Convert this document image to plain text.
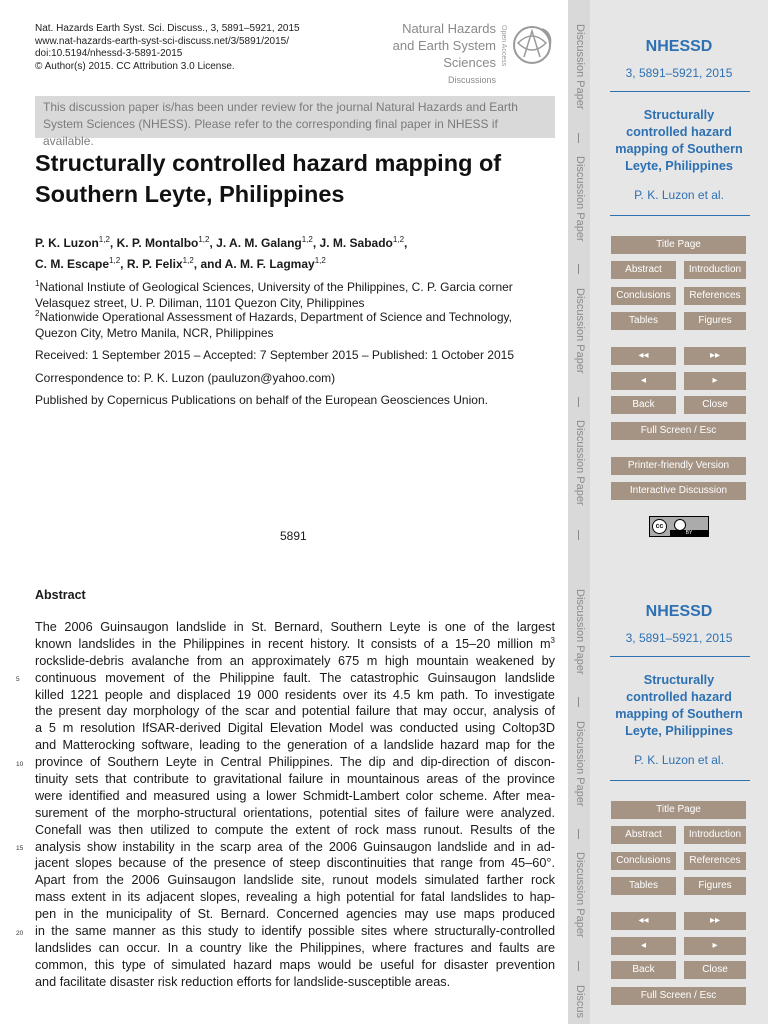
Nat. Hazards Earth Syst. Sci. Discuss., 3, 5891–5921, 2015
www.nat-hazards-earth-syst-sci-discuss.net/3/5891/2015/
doi:10.5194/nhessd-3-5891-2015
© Author(s) 2015. CC Attribution 3.0 License.
Natural Hazards
and Earth System
Sciences
Discussions
Open Access
This discussion paper is/has been under review for the journal Natural Hazards and Earth System Sciences (NHESS). Please refer to the corresponding final paper in NHESS if available.
Structurally controlled hazard mapping of
Southern Leyte, Philippines
P. K. Luzon$^{1,2}$, K. P. Montalbo$^{1,2}$, J. A. M. Galang$^{1,2}$, J. M. Sabado$^{1,2}$,
C. M. Escape$^{1,2}$, R. P. Felix$^{1,2}$, and A. M. F. Lagmay$^{1,2}$
$^1$National Instiute of Geological Sciences, University of the Philippines, C. P. Garcia corner
Velasquez street, U. P. Diliman, 1101 Quezon City, Philippines
$^2$Nationwide Operational Assessment of Hazards, Department of Science and Technology,
Quezon City, Metro Manila, NCR, Philippines
Received: 1 September 2015 – Accepted: 7 September 2015 – Published: 1 October 2015
Correspondence to: P. K. Luzon (pauluzon@yahoo.com)
Published by Copernicus Publications on behalf of the European Geosciences Union.
5891
Abstract
The 2006 Guinsaugon landslide in St. Bernard, Southern Leyte is one of the largest
known landslides in the Philippines in recent history. It consists of a 15–20 million $m^3$
rockslide-debris avalanche from an approximately 675 m high mountain weakened by
continuous movement of the Philippine fault. The catastrophic Guinsaugon landslide
killed 1221 people and displaced 19 000 residents over its 4.5 km path. To investigate
the present day morphology of the scar and potential failure that may occur, analysis of
a 5 m resolution IfSAR-derived Digital Elevation Model was conducted using Coltop3D
and Matterocking software, leading to the generation of a landslide hazard map for the
province of Southern Leyte in Central Philippines. The dip and dip-direction of discon-
tinuity sets that contribute to gravitational failure in mountainous areas of the province
were identified and measured using a lower Schmidt-Lambert color scheme. After mea-
surement of the morpho-structural orientations, potential sites of failure were analyzed.
Conefall was then utilized to compute the extent of rock mass runout. Results of the
analysis show instability in the scarp area of the 2006 Guinsaugon landslide and in ad-
jacent slopes because of the presence of steep discontinuities that range from 45–60°.
Apart from the 2006 Guinsaugon landslide site, runout models simulated farther rock
mass extent in its adjacent slopes, revealing a high potential for fatal landslides to hap-
pen in the municipality of St. Bernard. Concerned agencies may use maps produced
in the same manner as this study to identify possible sites where structurally-controlled
landslides can occur. In a country like the Philippines, where fractures and faults are
common, this type of simulated hazard maps would be useful for disaster prevention
and facilitate disaster risk reduction efforts for landslide-susceptible areas.
5
10
15
20
Discussion Paper
Discussion Paper
Discussion Paper
Discussion Paper
Discussion Paper
Discussion Paper
Discussion Paper
Discus
NHESSD
3, 5891–5921, 2015
Structurally
controlled hazard
mapping of Southern
Leyte, Philippines
P. K. Luzon et al.
Title Page
Abstract	Introduction
Conclusions	References
Tables	Figures
◂◂	▸▸
◂	▸
Back	Close
Full Screen / Esc
Printer-friendly Version
Interactive Discussion
cc
BY
NHESSD
3, 5891–5921, 2015
Structurally
controlled hazard
mapping of Southern
Leyte, Philippines
P. K. Luzon et al.
Title Page
Abstract	Introduction
Conclusions	References
Tables	Figures
◂◂	▸▸
◂	▸
Back	Close
Full Screen / Esc
